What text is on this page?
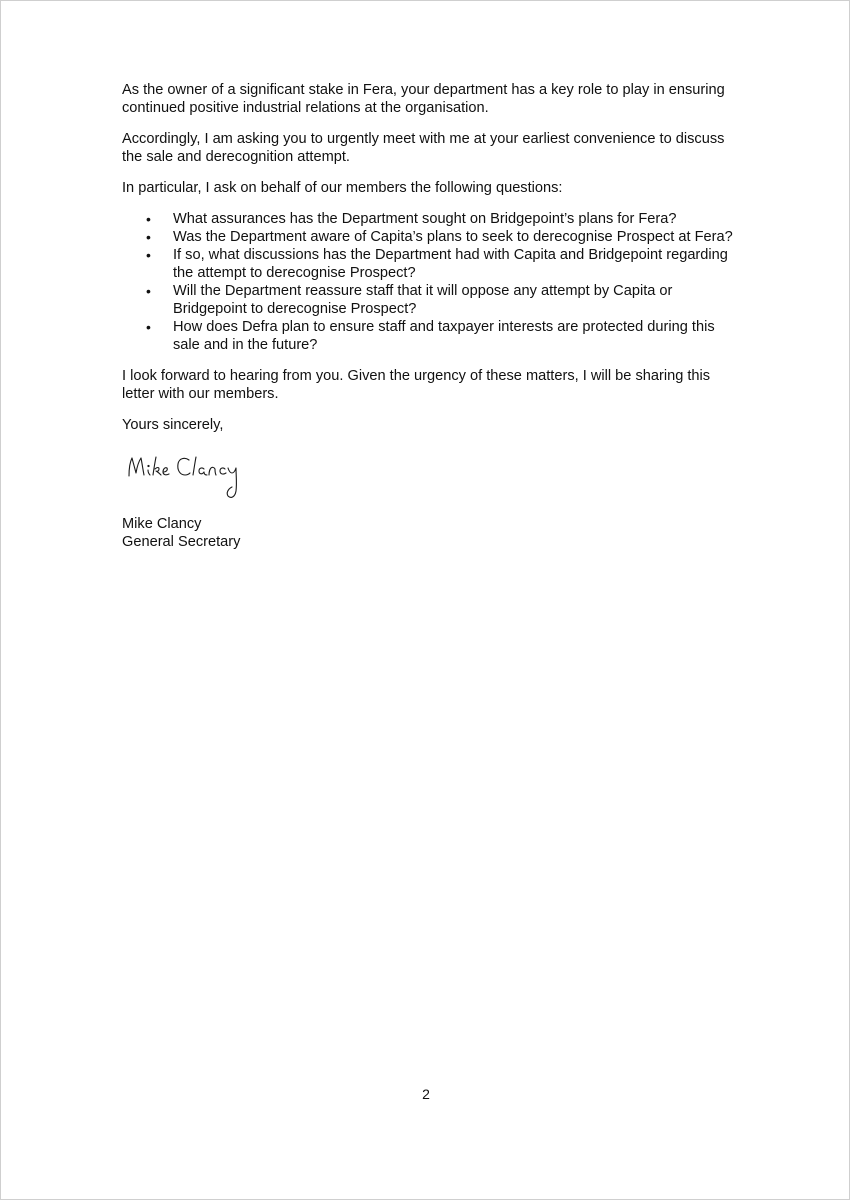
As the owner of a significant stake in Fera, your department has a key role to play in ensuring continued positive industrial relations at the organisation.

Accordingly, I am asking you to urgently meet with me at your earliest convenience to discuss the sale and derecognition attempt.

In particular, I ask on behalf of our members the following questions:

• What assurances has the Department sought on Bridgepoint’s plans for Fera?
• Was the Department aware of Capita’s plans to seek to derecognise Prospect at Fera?
• If so, what discussions has the Department had with Capita and Bridgepoint regarding the attempt to derecognise Prospect?
• Will the Department reassure staff that it will oppose any attempt by Capita or Bridgepoint to derecognise Prospect?
• How does Defra plan to ensure staff and taxpayer interests are protected during this sale and in the future?

I look forward to hearing from you. Given the urgency of these matters, I will be sharing this letter with our members.

Yours sincerely,

Mike Clancy

General Secretary

2
